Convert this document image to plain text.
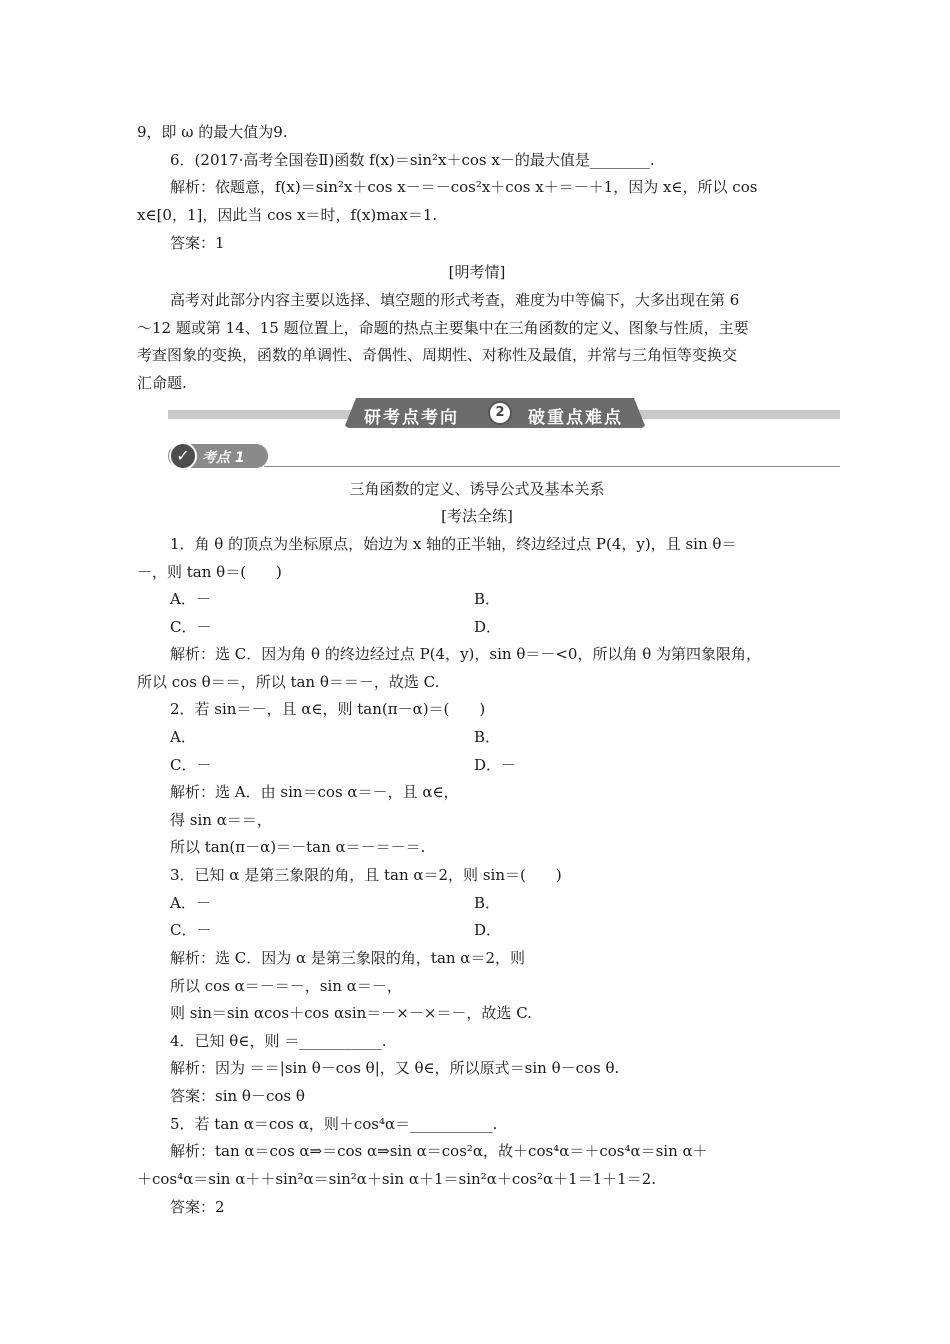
9，即 ω 的最大值为9.
6．(2017·高考全国卷Ⅱ)函数 f(x)＝sin²x＋cos x－的最大值是________.
解析：依题意，f(x)＝sin²x＋cos x－＝－cos²x＋cos x＋＝－＋1，因为 x∈，所以 cos
x∈[0，1]，因此当 cos x＝时，f(x)max＝1.
答案：1
[明考情]
高考对此部分内容主要以选择、填空题的形式考查，难度为中等偏下，大多出现在第 6
～12 题或第 14、15 题位置上，命题的热点主要集中在三角函数的定义、图象与性质，主要
考查图象的变换，函数的单调性、奇偶性、周期性、对称性及最值，并常与三角恒等变换交
汇命题.
研考点考向	2	破重点难点
✓ 考点 1
三角函数的定义、诱导公式及基本关系
[考法全练]
1．角 θ 的顶点为坐标原点，始边为 x 轴的正半轴，终边经过点 P(4，y)，且 sin θ＝
－，则 tan θ＝(　　)
A．－	B．
C．－	D．
解析：选 C．因为角 θ 的终边经过点 P(4，y)，sin θ＝－<0，所以角 θ 为第四象限角，
所以 cos θ＝＝，所以 tan θ＝＝－，故选 C.
2．若 sin＝－，且 α∈，则 tan(π－α)＝(　　)
A．	B．
C．－	D．－
解析：选 A．由 sin＝cos α＝－，且 α∈，
得 sin α＝＝，
所以 tan(π－α)＝－tan α＝－＝－＝.
3．已知 α 是第三象限的角，且 tan α＝2，则 sin＝(　　)
A．－	B．
C．－	D．
解析：选 C．因为 α 是第三象限的角，tan α＝2，则
所以 cos α＝－＝－，sin α＝－，
则 sin＝sin αcos＋cos αsin＝－×－×＝－，故选 C.
4．已知 θ∈，则 ＝___________.
解析：因为 ＝＝|sin θ－cos θ|，又 θ∈，所以原式＝sin θ－cos θ.
答案：sin θ－cos θ
5．若 tan α＝cos α，则＋cos⁴α＝___________.
解析：tan α＝cos α⇒＝cos α⇒sin α＝cos²α，故＋cos⁴α＝＋cos⁴α＝sin α＋
＋cos⁴α＝sin α＋＋sin²α＝sin²α＋sin α＋1＝sin²α＋cos²α＋1＝1＋1＝2.
答案：2
